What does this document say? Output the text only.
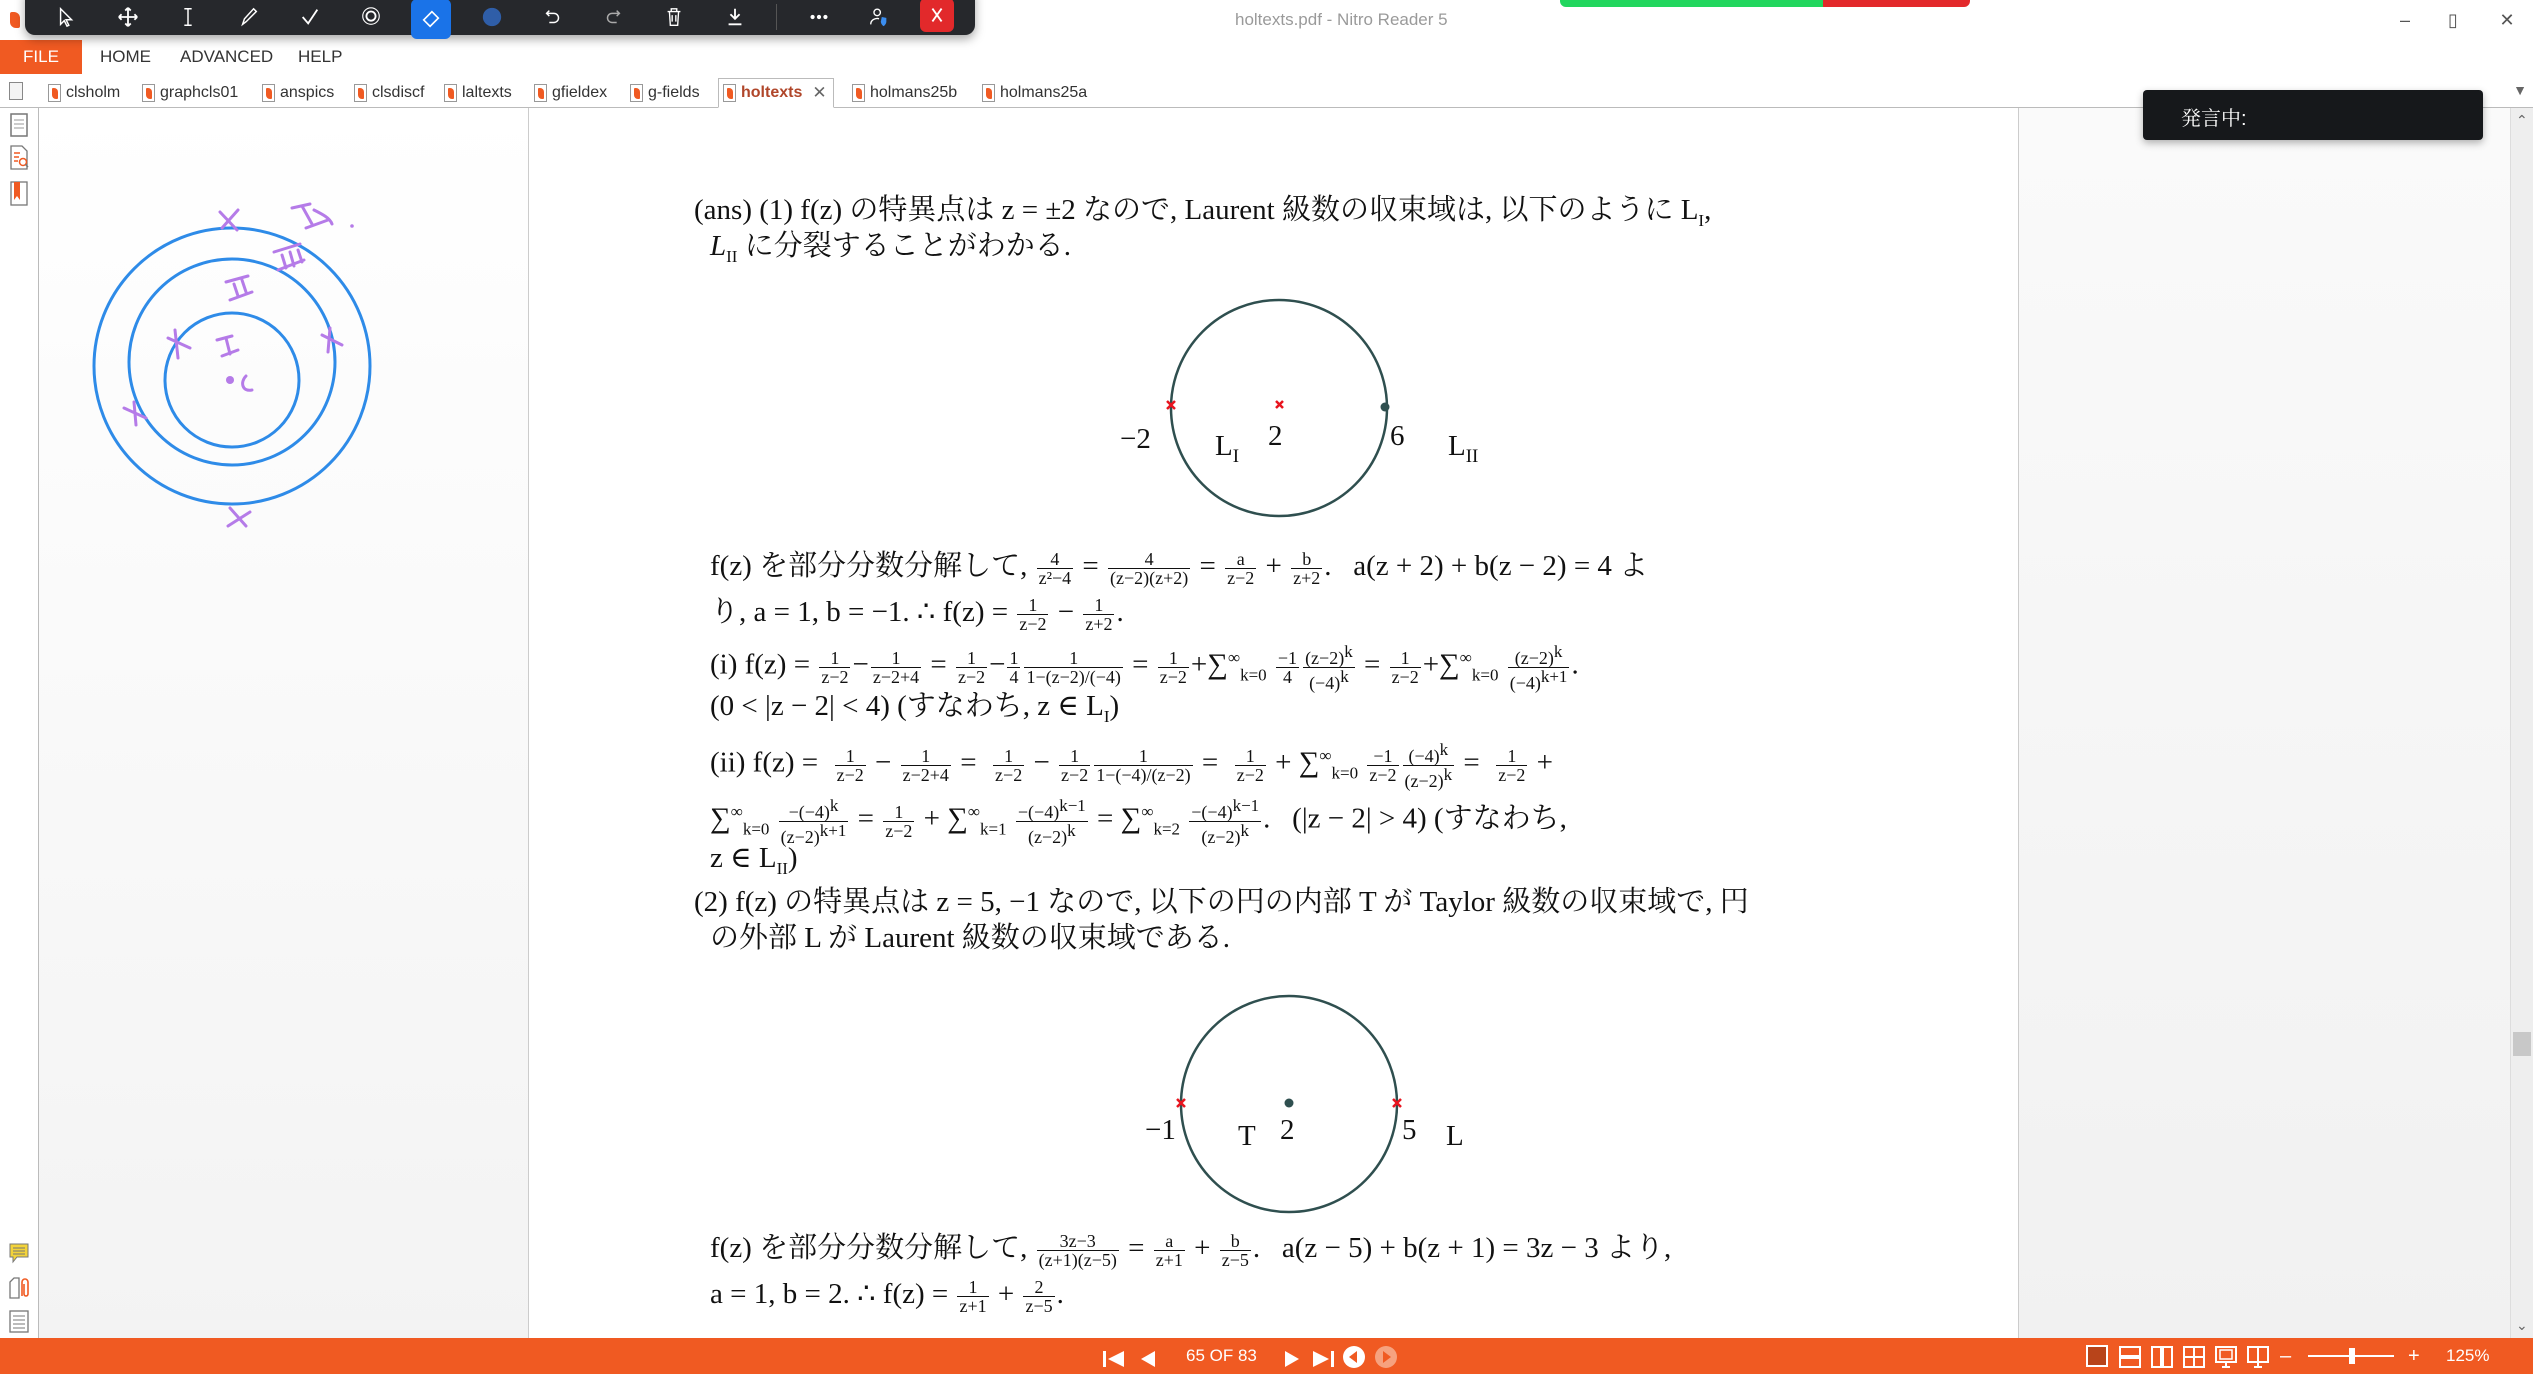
holtexts.pdf - Nitro Reader 5	–	▯	✕
FILE	HOME ADVANCED HELP
clsholm graphcls01	anspics clsdiscf laltexts	gfieldex	g-fields	holtexts ✕	holmans25b	holmans25a	▼
(ans) (1) f(z) の特異点は z = ±2 なので, Laurent 級数の収束域は, 以下のように $L_I$,
$L_{II}$ に分裂することがわかる.
−2	2	6
$L_I$	$L_{II}$
f(z) を部分分数分解して, $\frac{4}{\text{z²−4}} = \frac{4}{(z-2)(z+2)} = \frac{a}{z-2} + \frac{b}{z+2}$ .   a(z + 2) + b(z − 2) = 4 よ
り, a = 1, b = −1. ∴ $f(z) = \frac{1}{z-2} - \frac{1}{z+2}$ .
(i) $f(z) = \frac{1}{z-2} - \frac{1}{z-2+4} = \frac{1}{z-2} - \frac{1}{4} \frac{1}{1-(z-2)/(-4)} = \frac{1}{z-2} +\sum^\infty_{k=0} \frac{-1}{4} \frac{(z-2)^k}{(-4)^k} = \frac{1}{z-2} +\sum^\infty_{k=0} \frac{(z-2)^k}{(-4)^{k+1}}$ .
(0 < |z − 2| < 4) (すなわち, z ∈ $L_I$)
(ii) $f(z) = \frac{1}{z-2} - \frac{1}{z-2+4} = \frac{1}{z-2} - \frac{1}{z-2} \frac{1}{1-(-4)/(z-2)} = \frac{1}{z-2} + \sum^\infty_{k=0} \frac{-1}{z-2} \frac{(-4)^k}{(z-2)^k} = \frac{1}{z-2}$ +
$\sum^\infty_{k=0} \frac{-(-4)^k}{(z-2)^{k+1}} = \frac{1}{z-2} + \sum^\infty_{k=1} \frac{-(-4)^{k-1}}{(z-2)^k} = \sum^\infty_{k=2} \frac{-(-4)^{k-1}}{(z-2)^k}$ .   (|z − 2| > 4) (すなわち,
z ∈ $L_{II}$)
(2) f(z) の特異点は z = 5, −1 なので, 以下の円の内部 T が Taylor 級数の収束域で, 円
の外部 L が Laurent 級数の収束域である.
−1	2	5
T	L
f(z) を部分分数分解して, $\frac{3z-3}{(z+1)(z-5)} = \frac{a}{z+1} + \frac{b}{z-5}$ .   a(z − 5) + b(z + 1) = 3z − 3 より,
a = 1, b = 2. ∴ $f(z) = \frac{1}{z+1} + \frac{2}{z-5}$ .
発言中:	⌃
⌄
65 OF 83	–	+ 125%
